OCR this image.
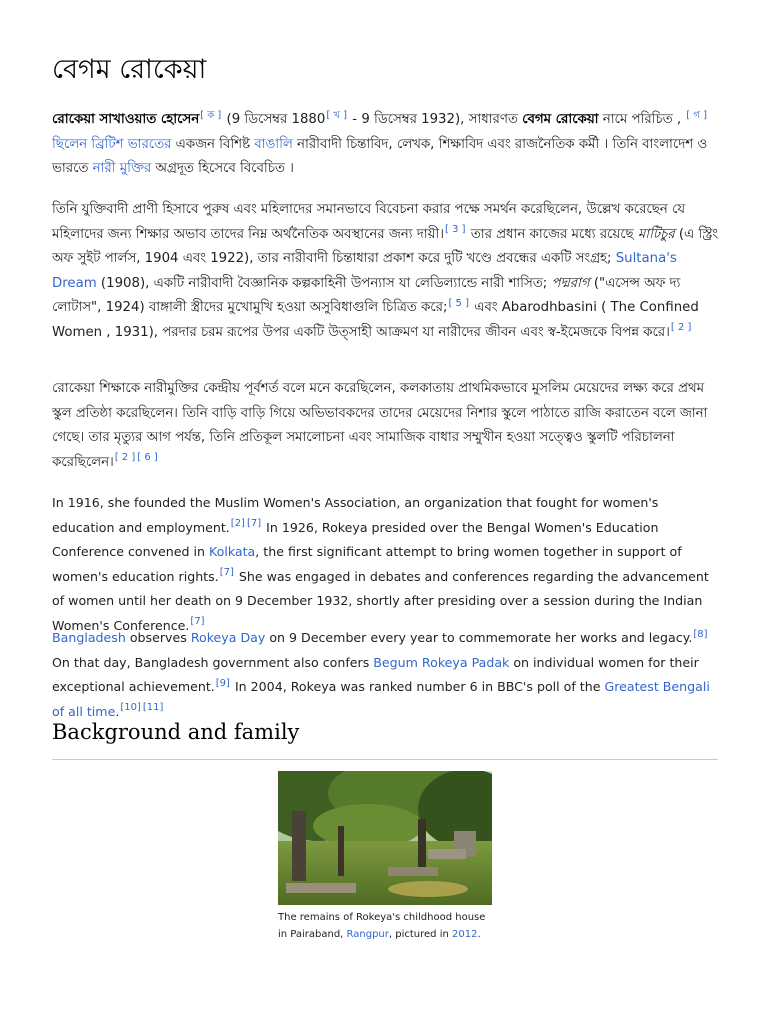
বেগম রোকেয়া

রোকেয়া সাখাওয়াত হোসেন[ ক ] (9 ডিসেম্বর 1880[ খ ] - 9 ডিসেম্বর 1932), সাধারণত বেগম রোকেয়া নামে পরিচিত , [ গ ] ছিলেন ব্রিটিশ ভারতের একজন বিশিষ্ট বাঙালি নারীবাদী চিন্তাবিদ, লেখক, শিক্ষাবিদ এবং রাজনৈতিক কর্মী । তিনি বাংলাদেশ ও ভারতে নারী মুক্তির অগ্রদূত হিসেবে বিবেচিত ।

তিনি যুক্তিবাদী প্রাণী হিসাবে পুরুষ এবং মহিলাদের সমানভাবে বিবেচনা করার পক্ষে সমর্থন করেছিলেন, উল্লেখ করেছেন যে মহিলাদের জন্য শিক্ষার অভাব তাদের নিম্ন অর্থনৈতিক অবস্থানের জন্য দায়ী।[ 3 ] তার প্রধান কাজের মধ্যে রয়েছে মাটিচুর (এ স্ট্রিং অফ সুইট পার্লস, 1904 এবং 1922), তার নারীবাদী চিন্তাধারা প্রকাশ করে দুটি খণ্ডে প্রবন্ধের একটি সংগ্রহ; Sultana's Dream (1908), একটি নারীবাদী বৈজ্ঞানিক কল্পকাহিনী উপন্যাস যা লেডিল্যান্ডে নারী শাসিত; পদ্মরাগ ("এসেন্স অফ দ্য লোটাস", 1924) বাঙ্গালী স্ত্রীদের মুখোমুখি হওয়া অসুবিধাগুলি চিত্রিত করে;[ 5 ] এবং Abarodhbasini ( The Confined Women , 1931), পরদার চরম রূপের উপর একটি উত্সাহী আক্রমণ যা নারীদের জীবন এবং স্ব-ইমেজকে বিপন্ন করে।[ 2 ]

রোকেয়া শিক্ষাকে নারীমুক্তির কেন্দ্রীয় পূর্বশর্ত বলে মনে করেছিলেন, কলকাতায় প্রাথমিকভাবে মুসলিম মেয়েদের লক্ষ্য করে প্রথম স্কুল প্রতিষ্ঠা করেছিলেন। তিনি বাড়ি বাড়ি গিয়ে অভিভাবকদের তাদের মেয়েদের নিশার স্কুলে পাঠাতে রাজি করাতেন বলে জানা গেছে। তার মৃত্যুর আগ পর্যন্ত, তিনি প্রতিকূল সমালোচনা এবং সামাজিক বাধার সম্মুখীন হওয়া সত্ত্বেও স্কুলটি পরিচালনা করেছিলেন।[ 2 ] [ 6 ]

In 1916, she founded the Muslim Women's Association, an organization that fought for women's education and employment.[2] [7] In 1926, Rokeya presided over the Bengal Women's Education Conference convened in Kolkata, the first significant attempt to bring women together in support of women's education rights.[7] She was engaged in debates and conferences regarding the advancement of women until her death on 9 December 1932, shortly after presiding over a session during the Indian Women's Conference.[7]

Bangladesh observes Rokeya Day on 9 December every year to commemorate her works and legacy.[8] On that day, Bangladesh government also confers Begum Rokeya Padak on individual women for their exceptional achievement.[9] In 2004, Rokeya was ranked number 6 in BBC's poll of the Greatest Bengali of all time.[10] [11]

Background and family

The remains of Rokeya's childhood house in Pairaband, Rangpur, pictured in 2012.
